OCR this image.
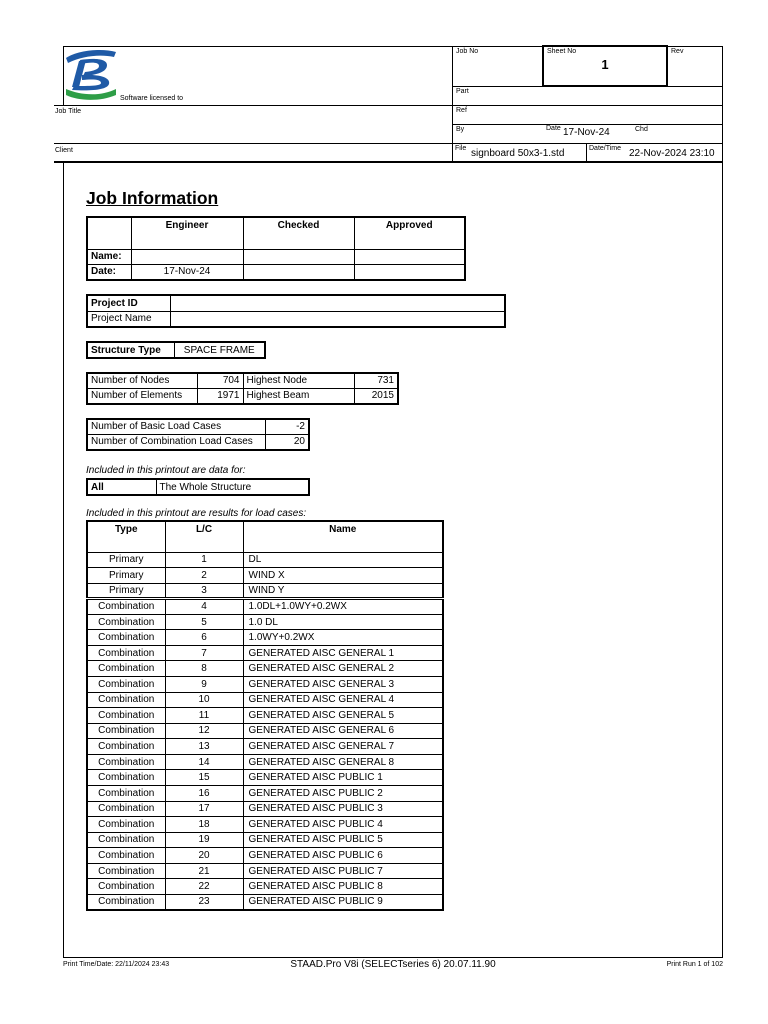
Software licensed to
Job Title
Client
Job No	Sheet No
1
Rev
Part
Ref
By	Date 17-Nov-24	Chd
File signboard 50x3-1.std	Date/Time 22-Nov-2024 23:10
Job Information
	Engineer	Checked	Approved
Name:			
Date:	17-Nov-24		
Project ID	
Project Name	
Structure Type	SPACE FRAME
Number of Nodes	704	Highest Node	731
Number of Elements	1971	Highest Beam	2015
Number of Basic Load Cases	-2
Number of Combination Load Cases	20
Included in this printout are data for:
All	The Whole Structure
Included in this printout are results for load cases:
Type	L/C	Name
Primary	1	DL
Primary	2	WIND X
Primary	3	WIND Y
Combination	4	1.0DL+1.0WY+0.2WX
Combination	5	1.0 DL
Combination	6	1.0WY+0.2WX
Combination	7	GENERATED AISC GENERAL 1
Combination	8	GENERATED AISC GENERAL 2
Combination	9	GENERATED AISC GENERAL 3
Combination	10	GENERATED AISC GENERAL 4
Combination	11	GENERATED AISC GENERAL 5
Combination	12	GENERATED AISC GENERAL 6
Combination	13	GENERATED AISC GENERAL 7
Combination	14	GENERATED AISC GENERAL 8
Combination	15	GENERATED AISC PUBLIC 1
Combination	16	GENERATED AISC PUBLIC 2
Combination	17	GENERATED AISC PUBLIC 3
Combination	18	GENERATED AISC PUBLIC 4
Combination	19	GENERATED AISC PUBLIC 5
Combination	20	GENERATED AISC PUBLIC 6
Combination	21	GENERATED AISC PUBLIC 7
Combination	22	GENERATED AISC PUBLIC 8
Combination	23	GENERATED AISC PUBLIC 9
Print Time/Date: 22/11/2024 23:43	STAAD.Pro V8i (SELECTseries 6) 20.07.11.90	Print Run 1 of 102
